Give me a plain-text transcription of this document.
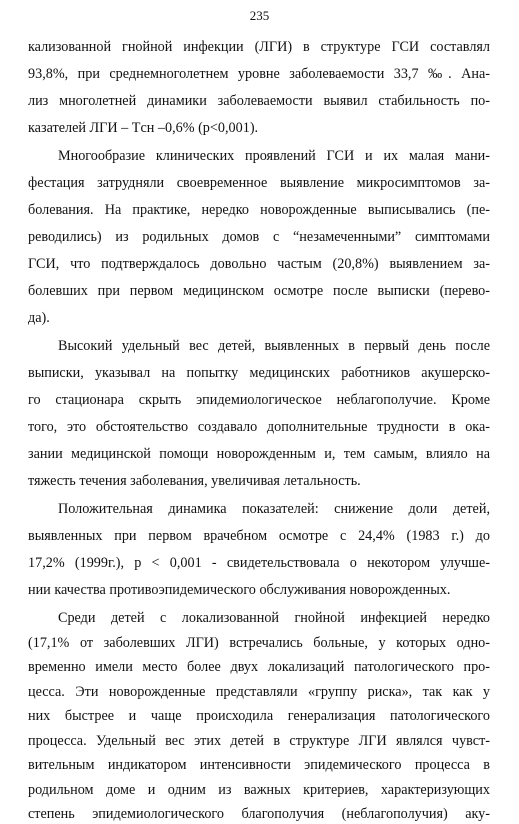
235
кализованной гнойной инфекции (ЛГИ) в структуре ГСИ составлял
93,8%, при среднемноголетнем уровне заболеваемости 33,7 ‰. Ана-
лиз многолетней динамики заболеваемости выявил стабильность по-
казателей ЛГИ – Tсн –0,6% (p<0,001).
Многообразие клинических проявлений ГСИ и их малая мани-
фестация затрудняли своевременное выявление микросимптомов за-
болевания. На практике, нередко новорожденные выписывались (пе-
реводились) из родильных домов с “незамеченными” симптомами
ГСИ, что подтверждалось довольно частым (20,8%) выявлением за-
болевших при первом медицинском осмотре после выписки (перево-
да).
Высокий удельный вес детей, выявленных в первый день после
выписки, указывал на попытку медицинских работников акушерско-
го стационара скрыть эпидемиологическое неблагополучие. Кроме
того, это обстоятельство создавало дополнительные трудности в ока-
зании медицинской помощи новорожденным и, тем самым, влияло на
тяжесть течения заболевания, увеличивая летальность.
Положительная динамика показателей: снижение доли детей,
выявленных при первом врачебном осмотре с 24,4% (1983 г.) до
17,2% (1999г.), p < 0,001 - свидетельствовала о некотором улучше-
нии качества противоэпидемического обслуживания новорожденных.
Среди детей с локализованной гнойной инфекцией нередко
(17,1% от заболевших ЛГИ) встречались больные, у которых одно-
временно имели место более двух локализаций патологического про-
цесса. Эти новорожденные представляли «группу риска», так как у
них быстрее и чаще происходила генерализация патологического
процесса. Удельный вес этих детей в структуре ЛГИ являлся чувст-
вительным индикатором интенсивности эпидемического процесса в
родильном доме и одним из важных критериев, характеризующих
степень эпидемиологического благополучия (неблагополучия) аку-
